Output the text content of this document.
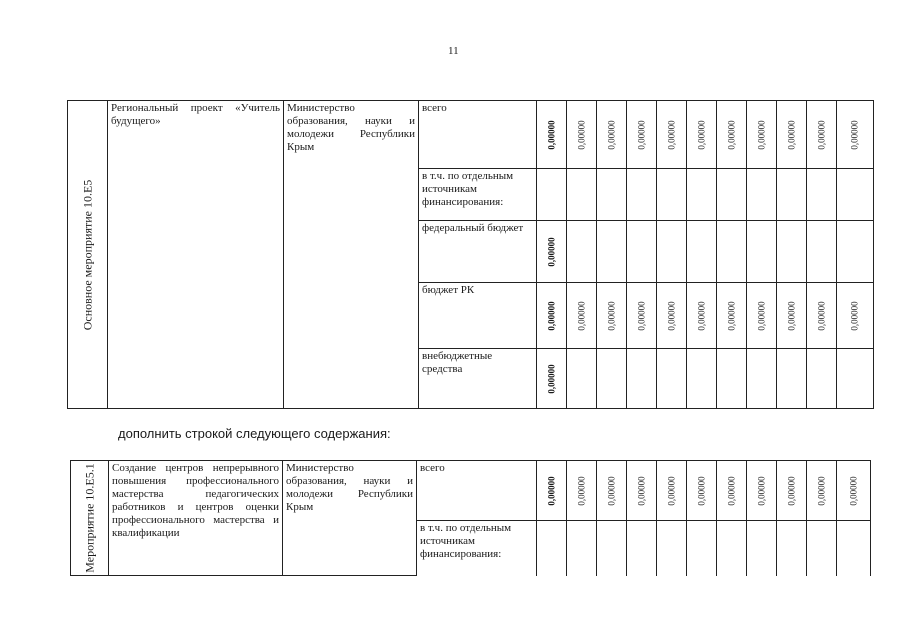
11
Основное мероприятие 10.Е5	Региональный проект «Учитель будущего»	Министерство образования, науки и молодежи Республики Крым	всего	0,00000	0,00000	0,00000	0,00000	0,00000	0,00000	0,00000	0,00000	0,00000	0,00000	0,00000

			в т.ч. по отдельным источникам финансирования:											

			федеральный бюджет	0,00000										

			бюджет РК	0,00000	0,00000	0,00000	0,00000	0,00000	0,00000	0,00000	0,00000	0,00000	0,00000	0,00000

			внебюджетные средства	0,00000										

дополнить строкой следующего содержания:
Мероприятие 10.Е5.1	Создание центров непрерывного повышения профессионального мастерства педагогических работников и центров оценки профессионального мастерства и квалификации	Министерство образования, науки и молодежи Республики Крым	всего	0,00000	0,00000	0,00000	0,00000	0,00000	0,00000	0,00000	0,00000	0,00000	0,00000	0,00000

			в т.ч. по отдельным источникам финансирования:											
